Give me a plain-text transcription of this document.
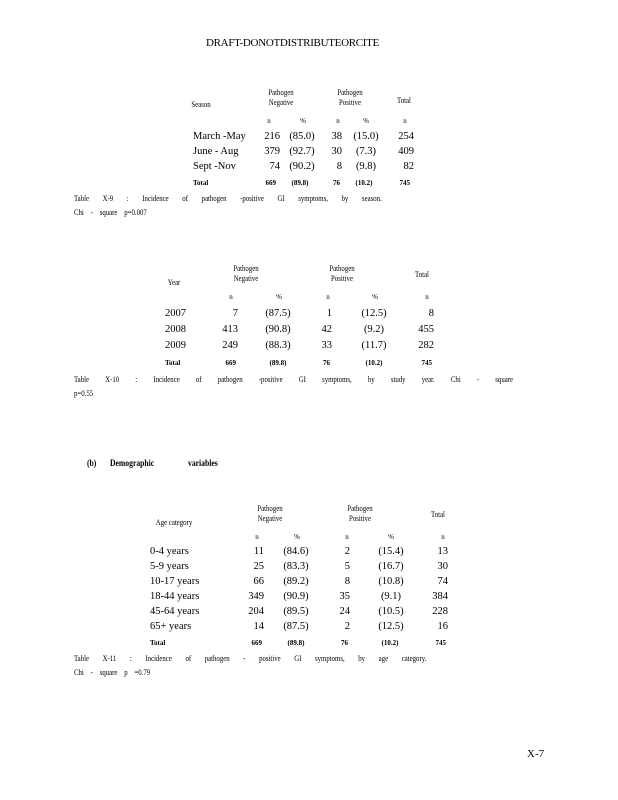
DRAFT-DONOTDISTRIBUTEORCITE
Season
Pathogen Negative
Pathogen Positive	Total
n	%	n	%	n
March -May	216 (85.0)	38	(15.0)	254
June - Aug	379 (92.7)	30	(7.3)	409
Sept -Nov	74 (90.2)	8	(9.8)	82
Total	669	(89.8)	76	(10.2)	745
Table X-9 : Incidence of pathogen -positive GI symptoms, by season.
Chi - square p=0.007
Year
Pathogen Negative
Pathogen Positive	Total
n	%	n	%	n
2007	7	(87.5)	1	(12.5)	8
2008	413	(90.8)	42	(9.2)	455
2009	249	(88.3)	33	(11.7)	282
Total	669	(89.8)	76	(10.2)	745
Table X-10 : Incidence of pathogen -positive GI symptoms, by study year. Chi - square
p=0.55
(b) Demographic	variables
Age category
Pathogen Negative
Pathogen Positive	Total
n	%	n	%	n
0-4 years	11	(84.6)	2	(15.4)	13
5-9 years	25	(83.3)	5	(16.7)	30
10-17 years	66	(89.2)	8	(10.8)	74
18-44 years	349	(90.9)	35	(9.1)	384
45-64 years	204	(89.5)	24	(10.5)	228
65+ years	14	(87.5)	2	(12.5)	16
Total	669	(89.8)	76	(10.2)	745
Table X-11 : Incidence of pathogen - positive GI symptoms, by age category.
Chi - square p =0.79
X-7
